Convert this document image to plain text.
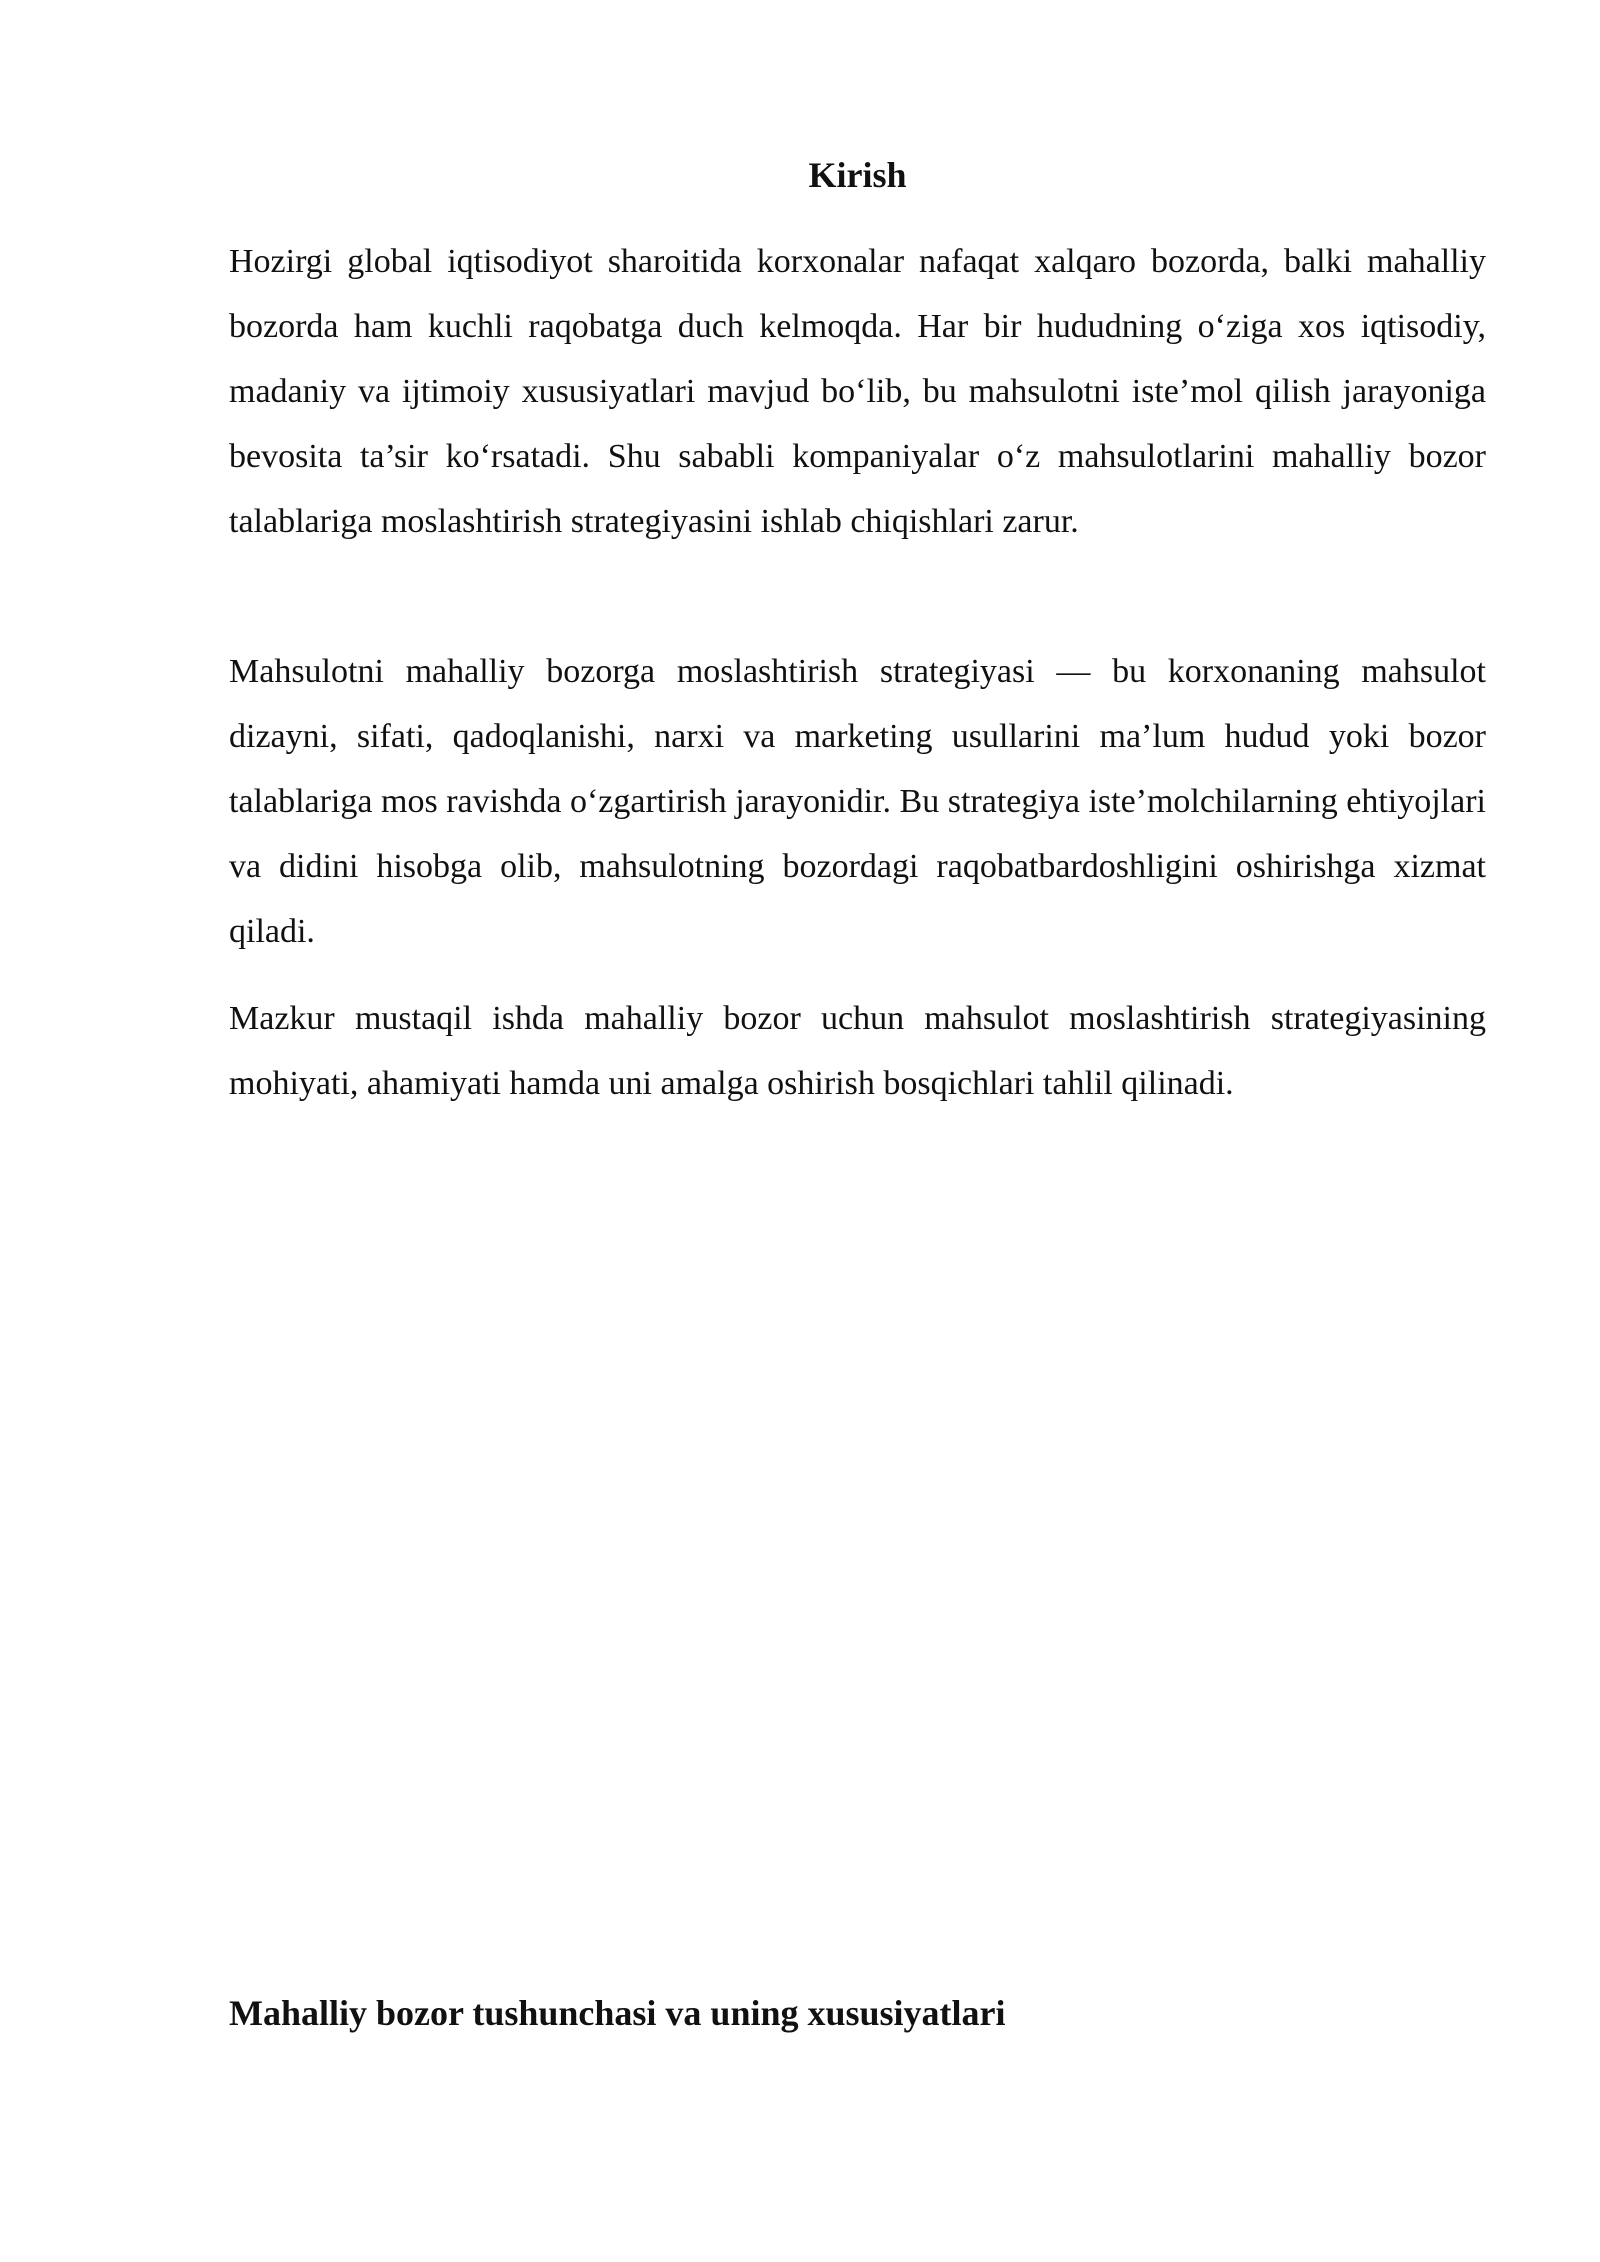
Kirish

Hozirgi global iqtisodiyot sharoitida korxonalar nafaqat xalqaro bozorda, balki mahalliy bozorda ham kuchli raqobatga duch kelmoqda. Har bir hududning o‘ziga xos iqtisodiy, madaniy va ijtimoiy xususiyatlari mavjud bo‘lib, bu mahsulotni iste’mol qilish jarayoniga bevosita ta’sir ko‘rsatadi. Shu sababli kompaniyalar o‘z mahsulotlarini mahalliy bozor talablariga moslashtirish strategiyasini ishlab chiqishlari zarur.

Mahsulotni mahalliy bozorga moslashtirish strategiyasi — bu korxonaning mahsulot dizayni, sifati, qadoqlanishi, narxi va marketing usullarini ma’lum hudud yoki bozor talablariga mos ravishda o‘zgartirish jarayonidir. Bu strategiya iste’molchilarning ehtiyojlari va didini hisobga olib, mahsulotning bozordagi raqobatbardoshligini oshirishga xizmat qiladi.

Mazkur mustaqil ishda mahalliy bozor uchun mahsulot moslashtirish strategiyasining mohiyati, ahamiyati hamda uni amalga oshirish bosqichlari tahlil qilinadi.

Mahalliy bozor tushunchasi va uning xususiyatlari
